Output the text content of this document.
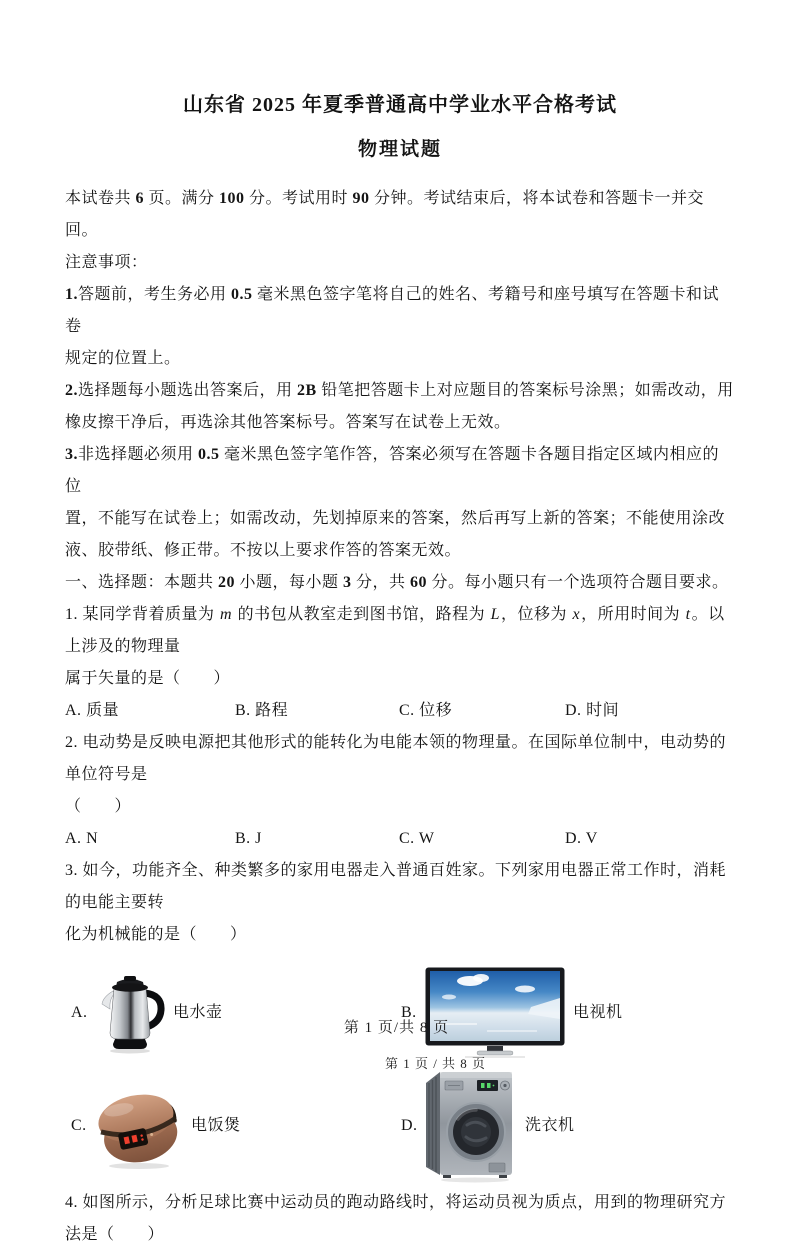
山东省 2025 年夏季普通高中学业水平合格考试
物理试题

本试卷共 6 页。满分 100 分。考试用时 90 分钟。考试结束后，将本试卷和答题卡一并交回。

注意事项：

1.答题前，考生务必用 0.5 毫米黑色签字笔将自己的姓名、考籍号和座号填写在答题卡和试卷

规定的位置上。

2.选择题每小题选出答案后，用 2B 铅笔把答题卡上对应题目的答案标号涂黑；如需改动，用

橡皮擦干净后，再选涂其他答案标号。答案写在试卷上无效。

3.非选择题必须用 0.5 毫米黑色签字笔作答，答案必须写在答题卡各题目指定区域内相应的位

置，不能写在试卷上；如需改动，先划掉原来的答案，然后再写上新的答案；不能使用涂改

液、胶带纸、修正带。不按以上要求作答的答案无效。

一、选择题：本题共 20 小题，每小题 3 分，共 60 分。每小题只有一个选项符合题目要求。

1. 某同学背着质量为 m 的书包从教室走到图书馆，路程为 L，位移为 x，所用时间为 t。以上涉及的物理量

属于矢量的是（　　）

A. 质量	B. 路程	C. 位移	D. 时间

2. 电动势是反映电源把其他形式的能转化为电能本领的物理量。在国际单位制中，电动势的单位符号是

（　　）

A. N	B. J	C. W	D. V

3. 如今，功能齐全、种类繁多的家用电器走入普通百姓家。下列家用电器正常工作时，消耗的电能主要转

化为机械能的是（　　）

A.	电水壶	B.	电视机
C.	电饭煲	D.	洗衣机

4. 如图所示，分析足球比赛中运动员的跑动路线时，将运动员视为质点，用到的物理研究方法是（　　）

第 1 页/共 8 页
第 1 页 / 共 8 页
